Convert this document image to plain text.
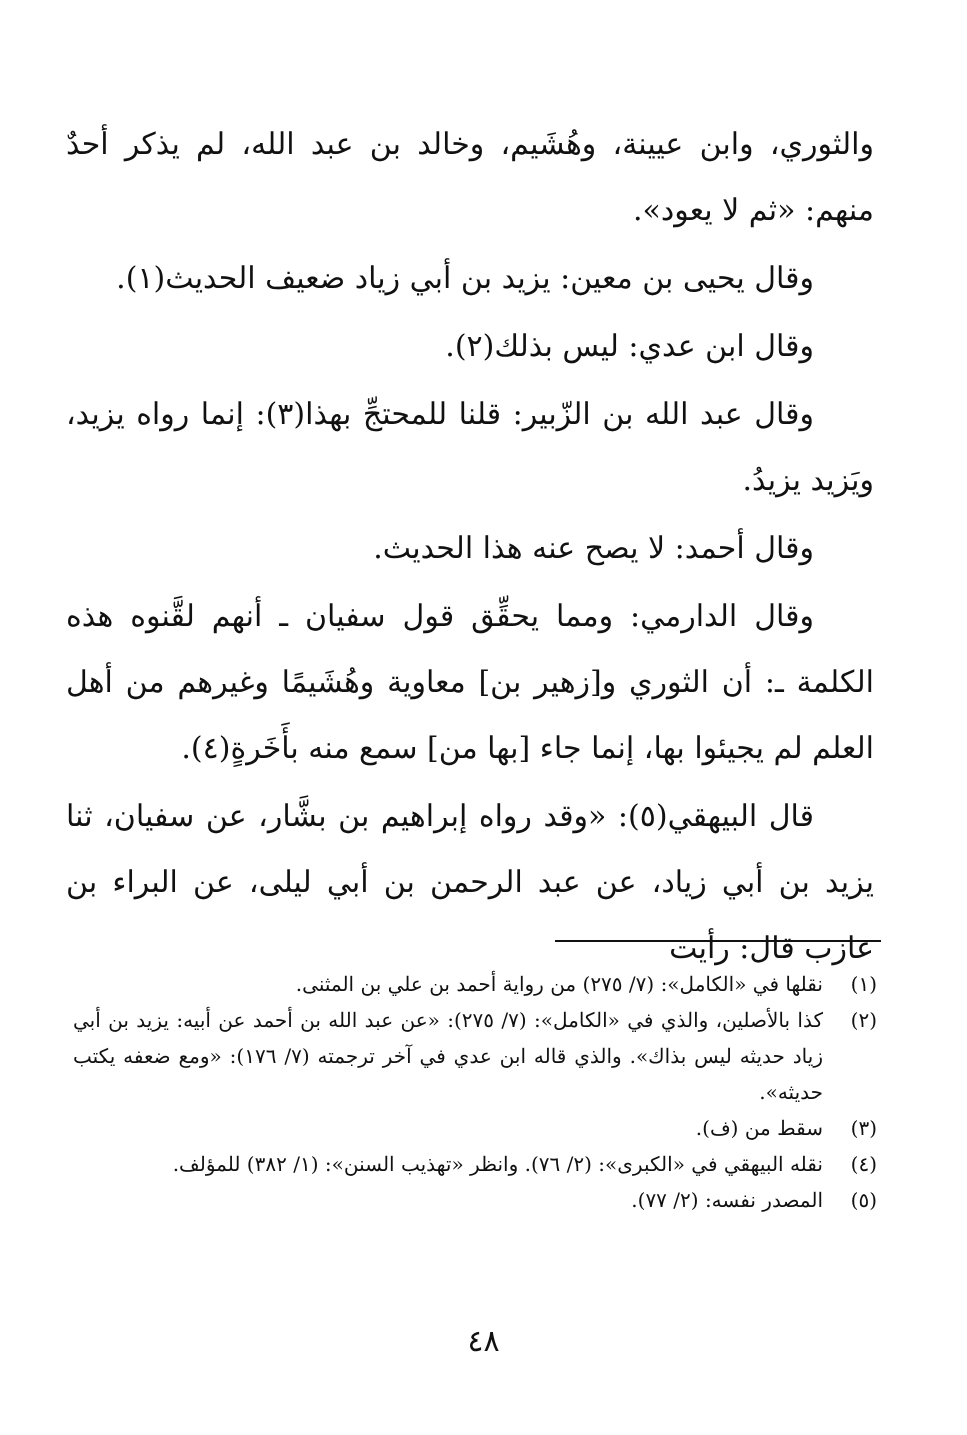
والثوري، وابن عيينة، وهُشَيم، وخالد بن عبد الله، لم يذكر أحدٌ منهم: «ثم لا يعود».

وقال يحيى بن معين: يزيد بن أبي زياد ضعيف الحديث(١).

وقال ابن عدي: ليس بذلك(٢).

وقال عبد الله بن الزّبير: قلنا للمحتجِّ بهذا(٣): إنما رواه يزيد، ويَزيد يزيدُ.

وقال أحمد: لا يصح عنه هذا الحديث.

وقال الدارمي: ومما يحقِّق قول سفيان ـ أنهم لقَّنوه هذه الكلمة ـ: أن الثوري و[زهير بن] معاوية وهُشَيمًا وغيرهم من أهل العلم لم يجيئوا بها، إنما جاء [بها من] سمع منه بأَخَرةٍ(٤).

قال البيهقي(٥): «وقد رواه إبراهيم بن بشَّار، عن سفيان، ثنا يزيد بن أبي زياد، عن عبد الرحمن بن أبي ليلى، عن البراء بن عازب قال: رأيت

(١)
نقلها في «الكامل»: (٧/ ٢٧٥) من رواية أحمد بن علي بن المثنى.
(٢)
كذا بالأصلين، والذي في «الكامل»: (٧/ ٢٧٥): «عن عبد الله بن أحمد عن أبيه: يزيد بن أبي زياد حديثه ليس بذاك». والذي قاله ابن عدي في آخر ترجمته (٧/ ١٧٦): «ومع ضعفه يكتب حديثه».
(٣)
سقط من (ف).
(٤)
نقله البيهقي في «الكبرى»: (٢/ ٧٦). وانظر «تهذيب السنن»: (١/ ٣٨٢) للمؤلف.
(٥)
المصدر نفسه: (٢/ ٧٧).
٤٨
